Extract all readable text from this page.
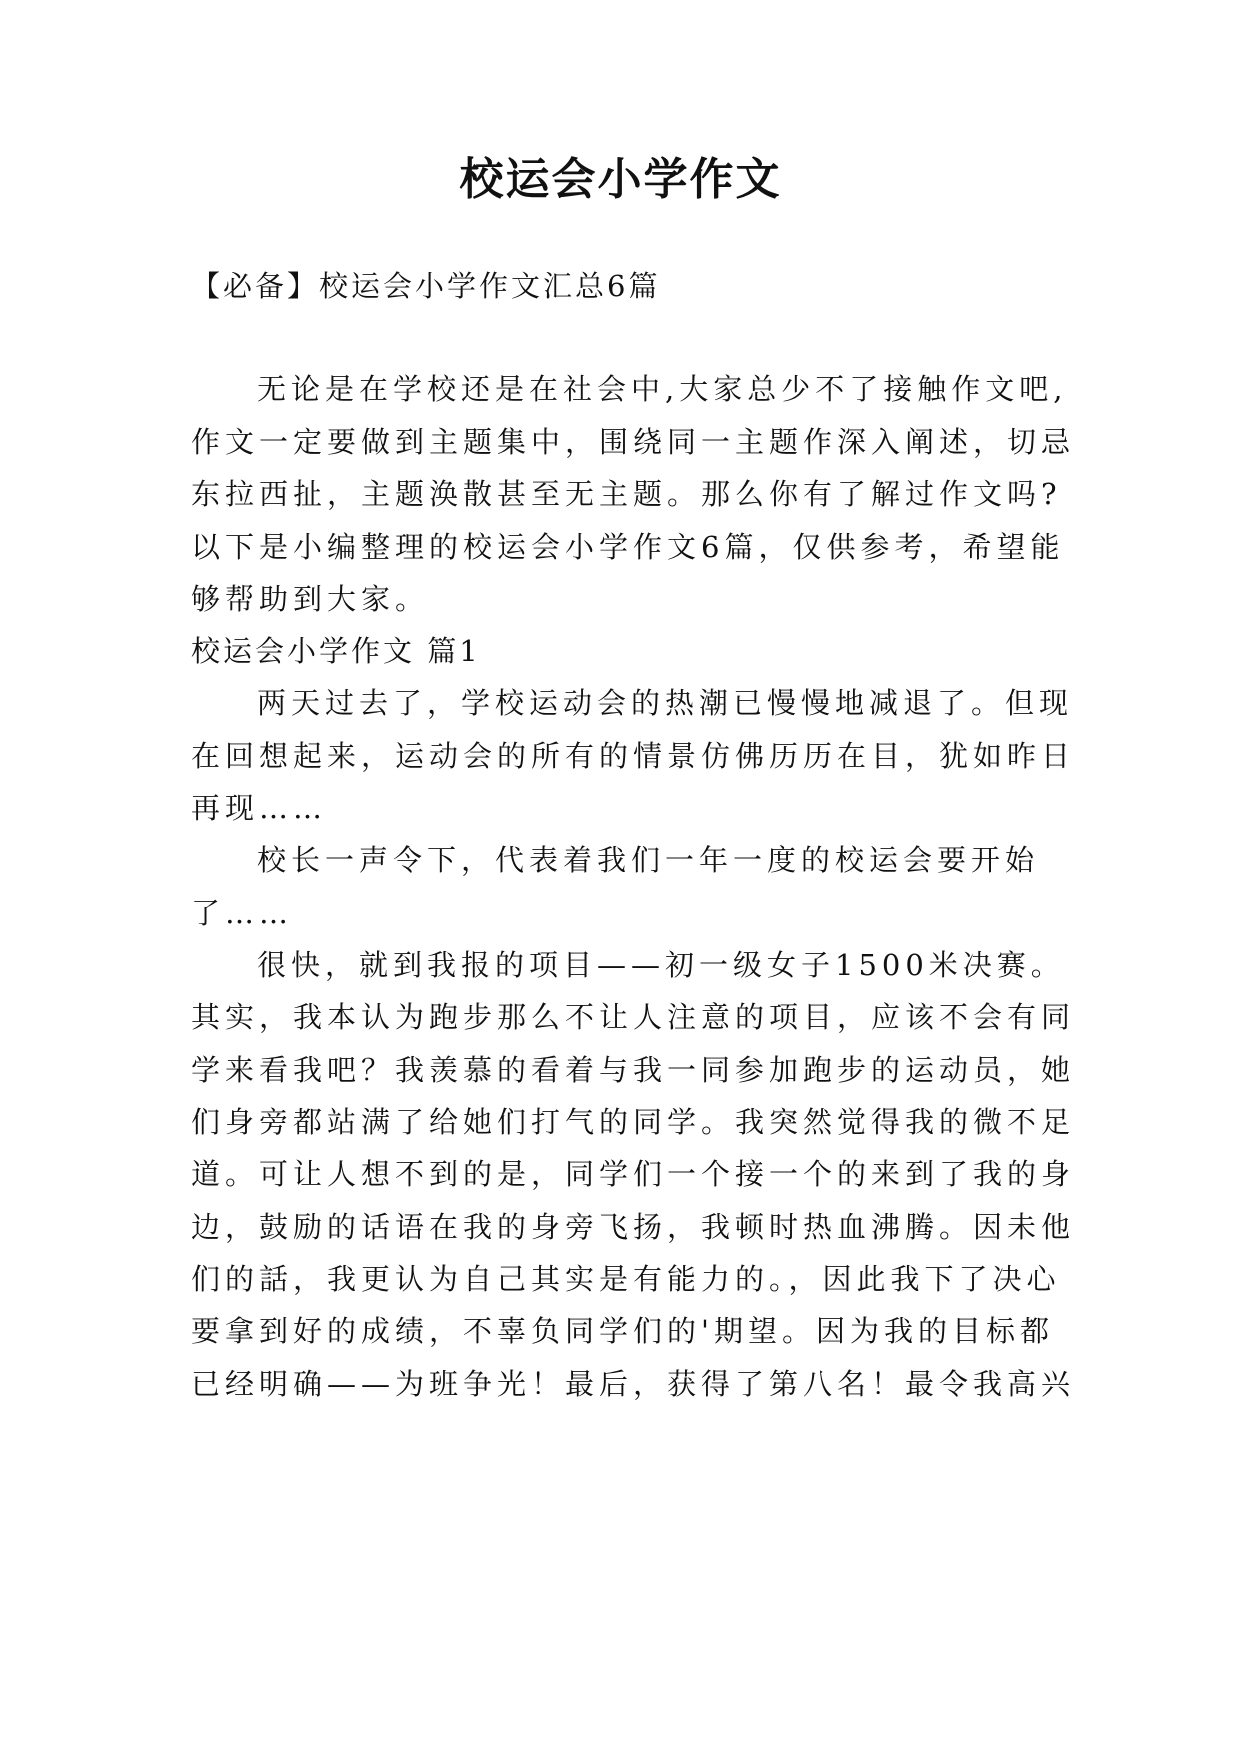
校运会小学作文
【必备】校运会小学作文汇总6篇
无论是在学校还是在社会中,大家总少不了接触作文吧,
作文一定要做到主题集中，围绕同一主题作深入阐述，切忌
东拉西扯，主题涣散甚至无主题。那么你有了解过作文吗?
以下是小编整理的校运会小学作文6篇，仅供参考，希望能
够帮助到大家。
校运会小学作文 篇1
两天过去了，学校运动会的热潮已慢慢地减退了。但现
在回想起来，运动会的所有的情景仿佛历历在目，犹如昨日
再现……
校长一声令下，代表着我们一年一度的校运会要开始
了……
很快，就到我报的项目——初一级女子1500米决赛。
其实，我本认为跑步那么不让人注意的项目，应该不会有同
学来看我吧？我羡慕的看着与我一同参加跑步的运动员，她
们身旁都站满了给她们打气的同学。我突然觉得我的微不足
道。可让人想不到的是，同学们一个接一个的来到了我的身
边，鼓励的话语在我的身旁飞扬，我顿时热血沸腾。因未他
们的話，我更认为自己其实是有能力的。，因此我下了决心
要拿到好的成绩，不辜负同学们的'期望。因为我的目标都
已经明确——为班争光！最后，获得了第八名！最令我高兴
